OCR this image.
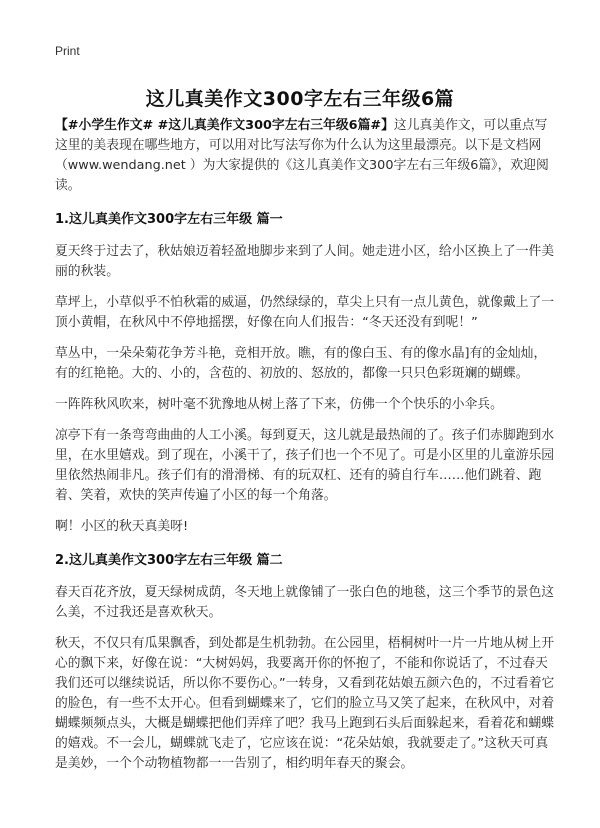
Print
这儿真美作文300字左右三年级6篇

【#小学生作文# #这儿真美作文300字左右三年级6篇#】这儿真美作文，可以重点写这里的美表现在哪些地方，可以用对比写法写你为什么认为这里最漂亮。以下是文档网（www.wendang.net ）为大家提供的《这儿真美作文300字左右三年级6篇》，欢迎阅读。

1.这儿真美作文300字左右三年级 篇一

夏天终于过去了，秋姑娘迈着轻盈地脚步来到了人间。她走进小区，给小区换上了一件美丽的秋装。

草坪上，小草似乎不怕秋霜的威逼，仍然绿绿的，草尖上只有一点儿黄色，就像戴上了一顶小黄帽，在秋风中不停地摇摆，好像在向人们报告：“冬天还没有到呢！”

草丛中，一朵朵菊花争芳斗艳，竞相开放。瞧，有的像白玉、有的像水晶]有的金灿灿，有的红艳艳。大的、小的，含苞的、初放的、怒放的，都像一只只色彩斑斓的蝴蝶。

一阵阵秋风吹来，树叶毫不犹豫地从树上落了下来，仿佛一个个快乐的小伞兵。

凉亭下有一条弯弯曲曲的人工小溪。每到夏天，这儿就是最热闹的了。孩子们赤脚跑到水里，在水里嬉戏。到了现在，小溪干了，孩子们也一个不见了。可是小区里的儿童游乐园里依然热闹非凡。孩子们有的滑滑梯、有的玩双杠、还有的骑自行车……他们跳着、跑着、笑着，欢快的笑声传遍了小区的每一个角落。

啊！小区的秋天真美呀!

2.这儿真美作文300字左右三年级 篇二

春天百花齐放，夏天绿树成荫，冬天地上就像铺了一张白色的地毯，这三个季节的景色这么美，不过我还是喜欢秋天。

秋天，不仅只有瓜果飘香，到处都是生机勃勃。在公园里，梧桐树叶一片一片地从树上开心的飘下来，好像在说：“大树妈妈，我要离开你的怀抱了，不能和你说话了，不过春天我们还可以继续说话，所以你不要伤心。”一转身，又看到花姑娘五颜六色的，不过看着它的脸色，有一些不太开心。但看到蝴蝶来了，它们的脸立马又笑了起来，在秋风中，对着蝴蝶频频点头，大概是蝴蝶把他们弄痒了吧？我马上跑到石头后面躲起来，看着花和蝴蝶的嬉戏。不一会儿，蝴蝶就飞走了，它应该在说：“花朵姑娘，我就要走了。”这秋天可真是美妙，一个个动物植物都一一告别了，相约明年春天的聚会。
